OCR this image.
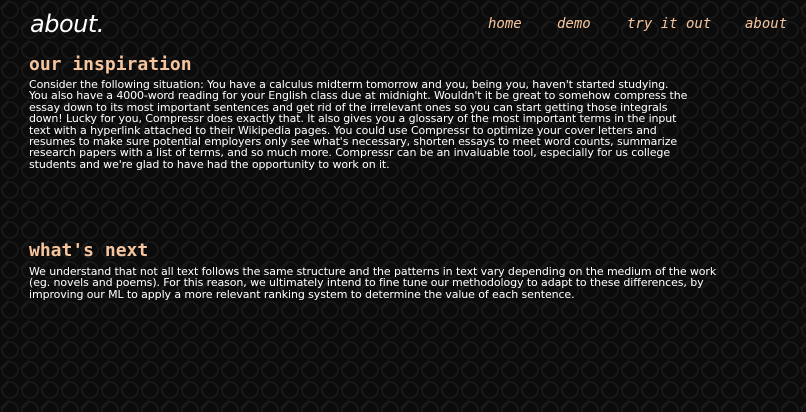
about.	home	demo	try it out about
our inspiration

Consider the following situation: You have a calculus midterm tomorrow and you, being you, haven't started studying. You also have a 4000-word reading for your English class due at midnight. Wouldn't it be great to somehow compress the essay down to its most important sentences and get rid of the irrelevant ones so you can start getting those integrals down! Lucky for you, Compressr does exactly that. It also gives you a glossary of the most important terms in the input text with a hyperlink attached to their Wikipedia pages. You could use Compressr to optimize your cover letters and resumes to make sure potential employers only see what's necessary, shorten essays to meet word counts, summarize research papers with a list of terms, and so much more. Compressr can be an invaluable tool, especially for us college students and we're glad to have had the opportunity to work on it.

what's next

We understand that not all text follows the same structure and the patterns in text vary depending on the medium of the work (eg. novels and poems). For this reason, we ultimately intend to fine tune our methodology to adapt to these differences, by improving our ML to apply a more relevant ranking system to determine the value of each sentence.
